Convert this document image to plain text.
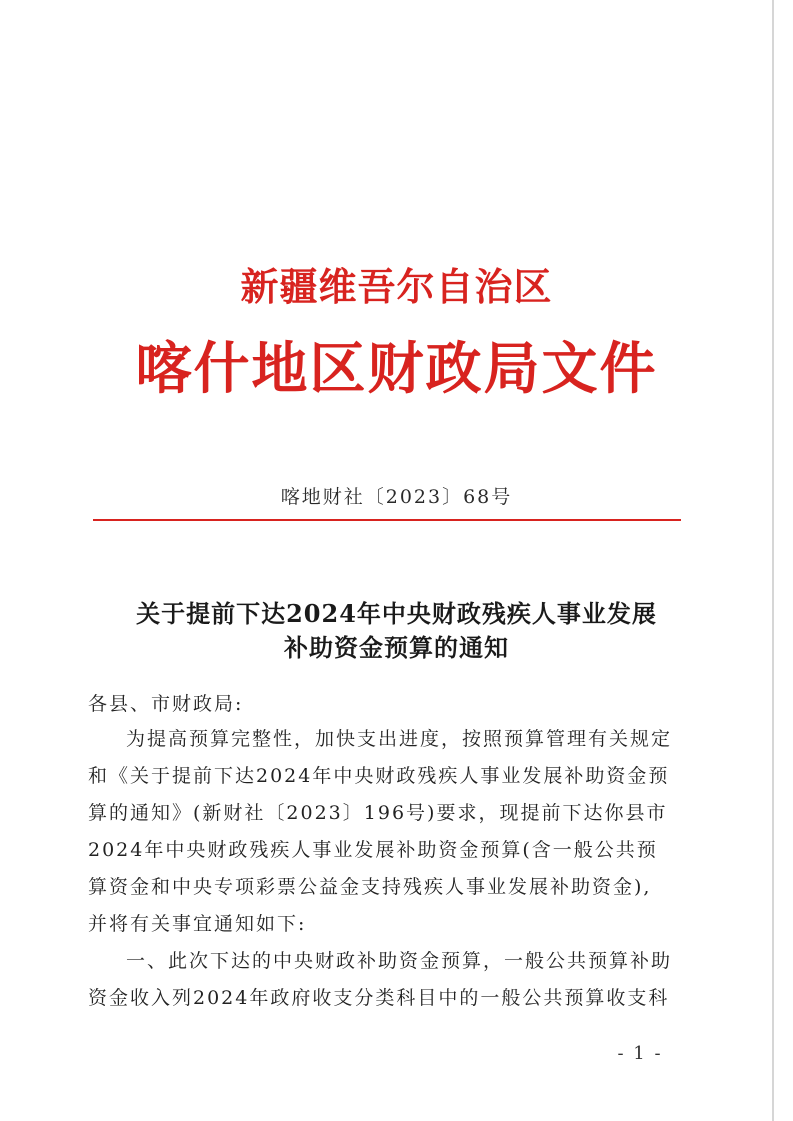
新疆维吾尔自治区
喀什地区财政局文件
喀地财社〔2023〕68号
关于提前下达2024年中央财政残疾人事业发展
补助资金预算的通知
各县、市财政局:
为提高预算完整性，加快支出进度，按照预算管理有关规定
和《关于提前下达2024年中央财政残疾人事业发展补助资金预
算的通知》(新财社〔2023〕196号)要求，现提前下达你县市
2024年中央财政残疾人事业发展补助资金预算(含一般公共预
算资金和中央专项彩票公益金支持残疾人事业发展补助资金),
并将有关事宜通知如下:
一、此次下达的中央财政补助资金预算，一般公共预算补助
资金收入列2024年政府收支分类科目中的一般公共预算收支科
- 1 -
